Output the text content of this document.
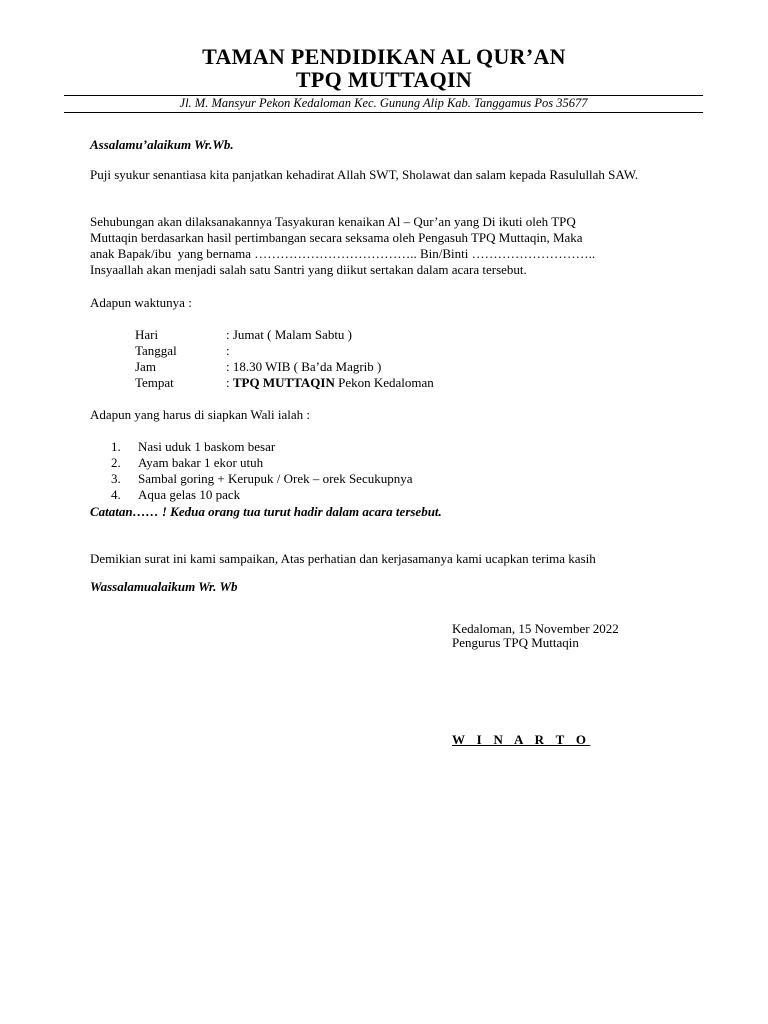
TAMAN PENDIDIKAN AL QUR’AN
TPQ MUTTAQIN
Jl. M. Mansyur Pekon Kedaloman Kec. Gunung Alip Kab. Tanggamus Pos 35677

Assalamu’alaikum Wr.Wb.

Puji syukur senantiasa kita panjatkan kehadirat Allah SWT, Sholawat dan salam kepada Rasulullah SAW.

Sehubungan akan dilaksanakannya Tasyakuran kenaikan Al – Qur’an yang Di ikuti oleh TPQ
Muttaqin berdasarkan hasil pertimbangan secara seksama oleh Pengasuh TPQ Muttaqin, Maka
anak Bapak/ibu  yang bernama ……………………………….. Bin/Binti ………………………..
Insyaallah akan menjadi salah satu Santri yang diikut sertakan dalam acara tersebut.

Adapun waktunya :

Hari	: Jumat ( Malam Sabtu )
Tanggal	:
Jam	: 18.30 WIB ( Ba’da Magrib )
Tempat	: TPQ MUTTAQIN Pekon Kedaloman

Adapun yang harus di siapkan Wali ialah :

1.	Nasi uduk 1 baskom besar
2.	Ayam bakar 1 ekor utuh
3.	Sambal goring + Kerupuk / Orek – orek Secukupnya
4.	Aqua gelas 10 pack

Catatan…… ! Kedua orang tua turut hadir dalam acara tersebut.

Demikian surat ini kami sampaikan, Atas perhatian dan kerjasamanya kami ucapkan terima kasih

Wassalamualaikum Wr. Wb

Kedaloman, 15 November 2022

Pengurus TPQ Muttaqin

W I N A R T O
